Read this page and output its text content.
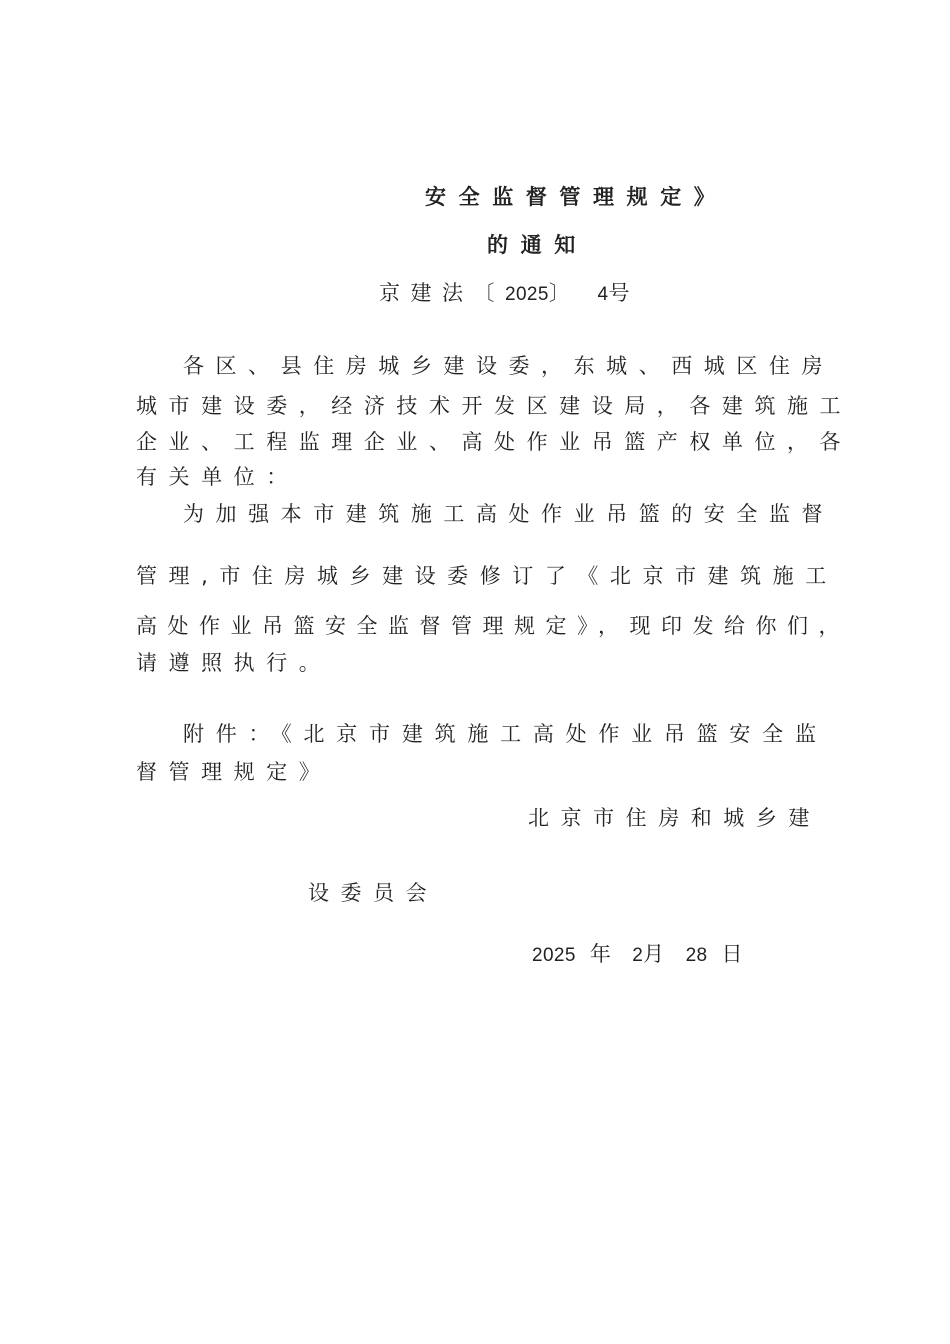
安全监督管理规定》
的通知
京建法〔2025〕 4号
各区、县住房城乡建设委，东城、西城区住房
城市建设委，经济技术开发区建设局，各建筑施工
企业、工程监理企业、高处作业吊篮产权单位，各
有关单位：
为加强本市建筑施工高处作业吊篮的安全监督
管理,市住房城乡建设委修订了《北京市建筑施工
高处作业吊篮安全监督管理规定》，现印发给你们，
请遵照执行。
附件：《北京市建筑施工高处作业吊篮安全监
督管理规定》
北京市住房和城乡建
设委员会
2025 年 2月 28 日
